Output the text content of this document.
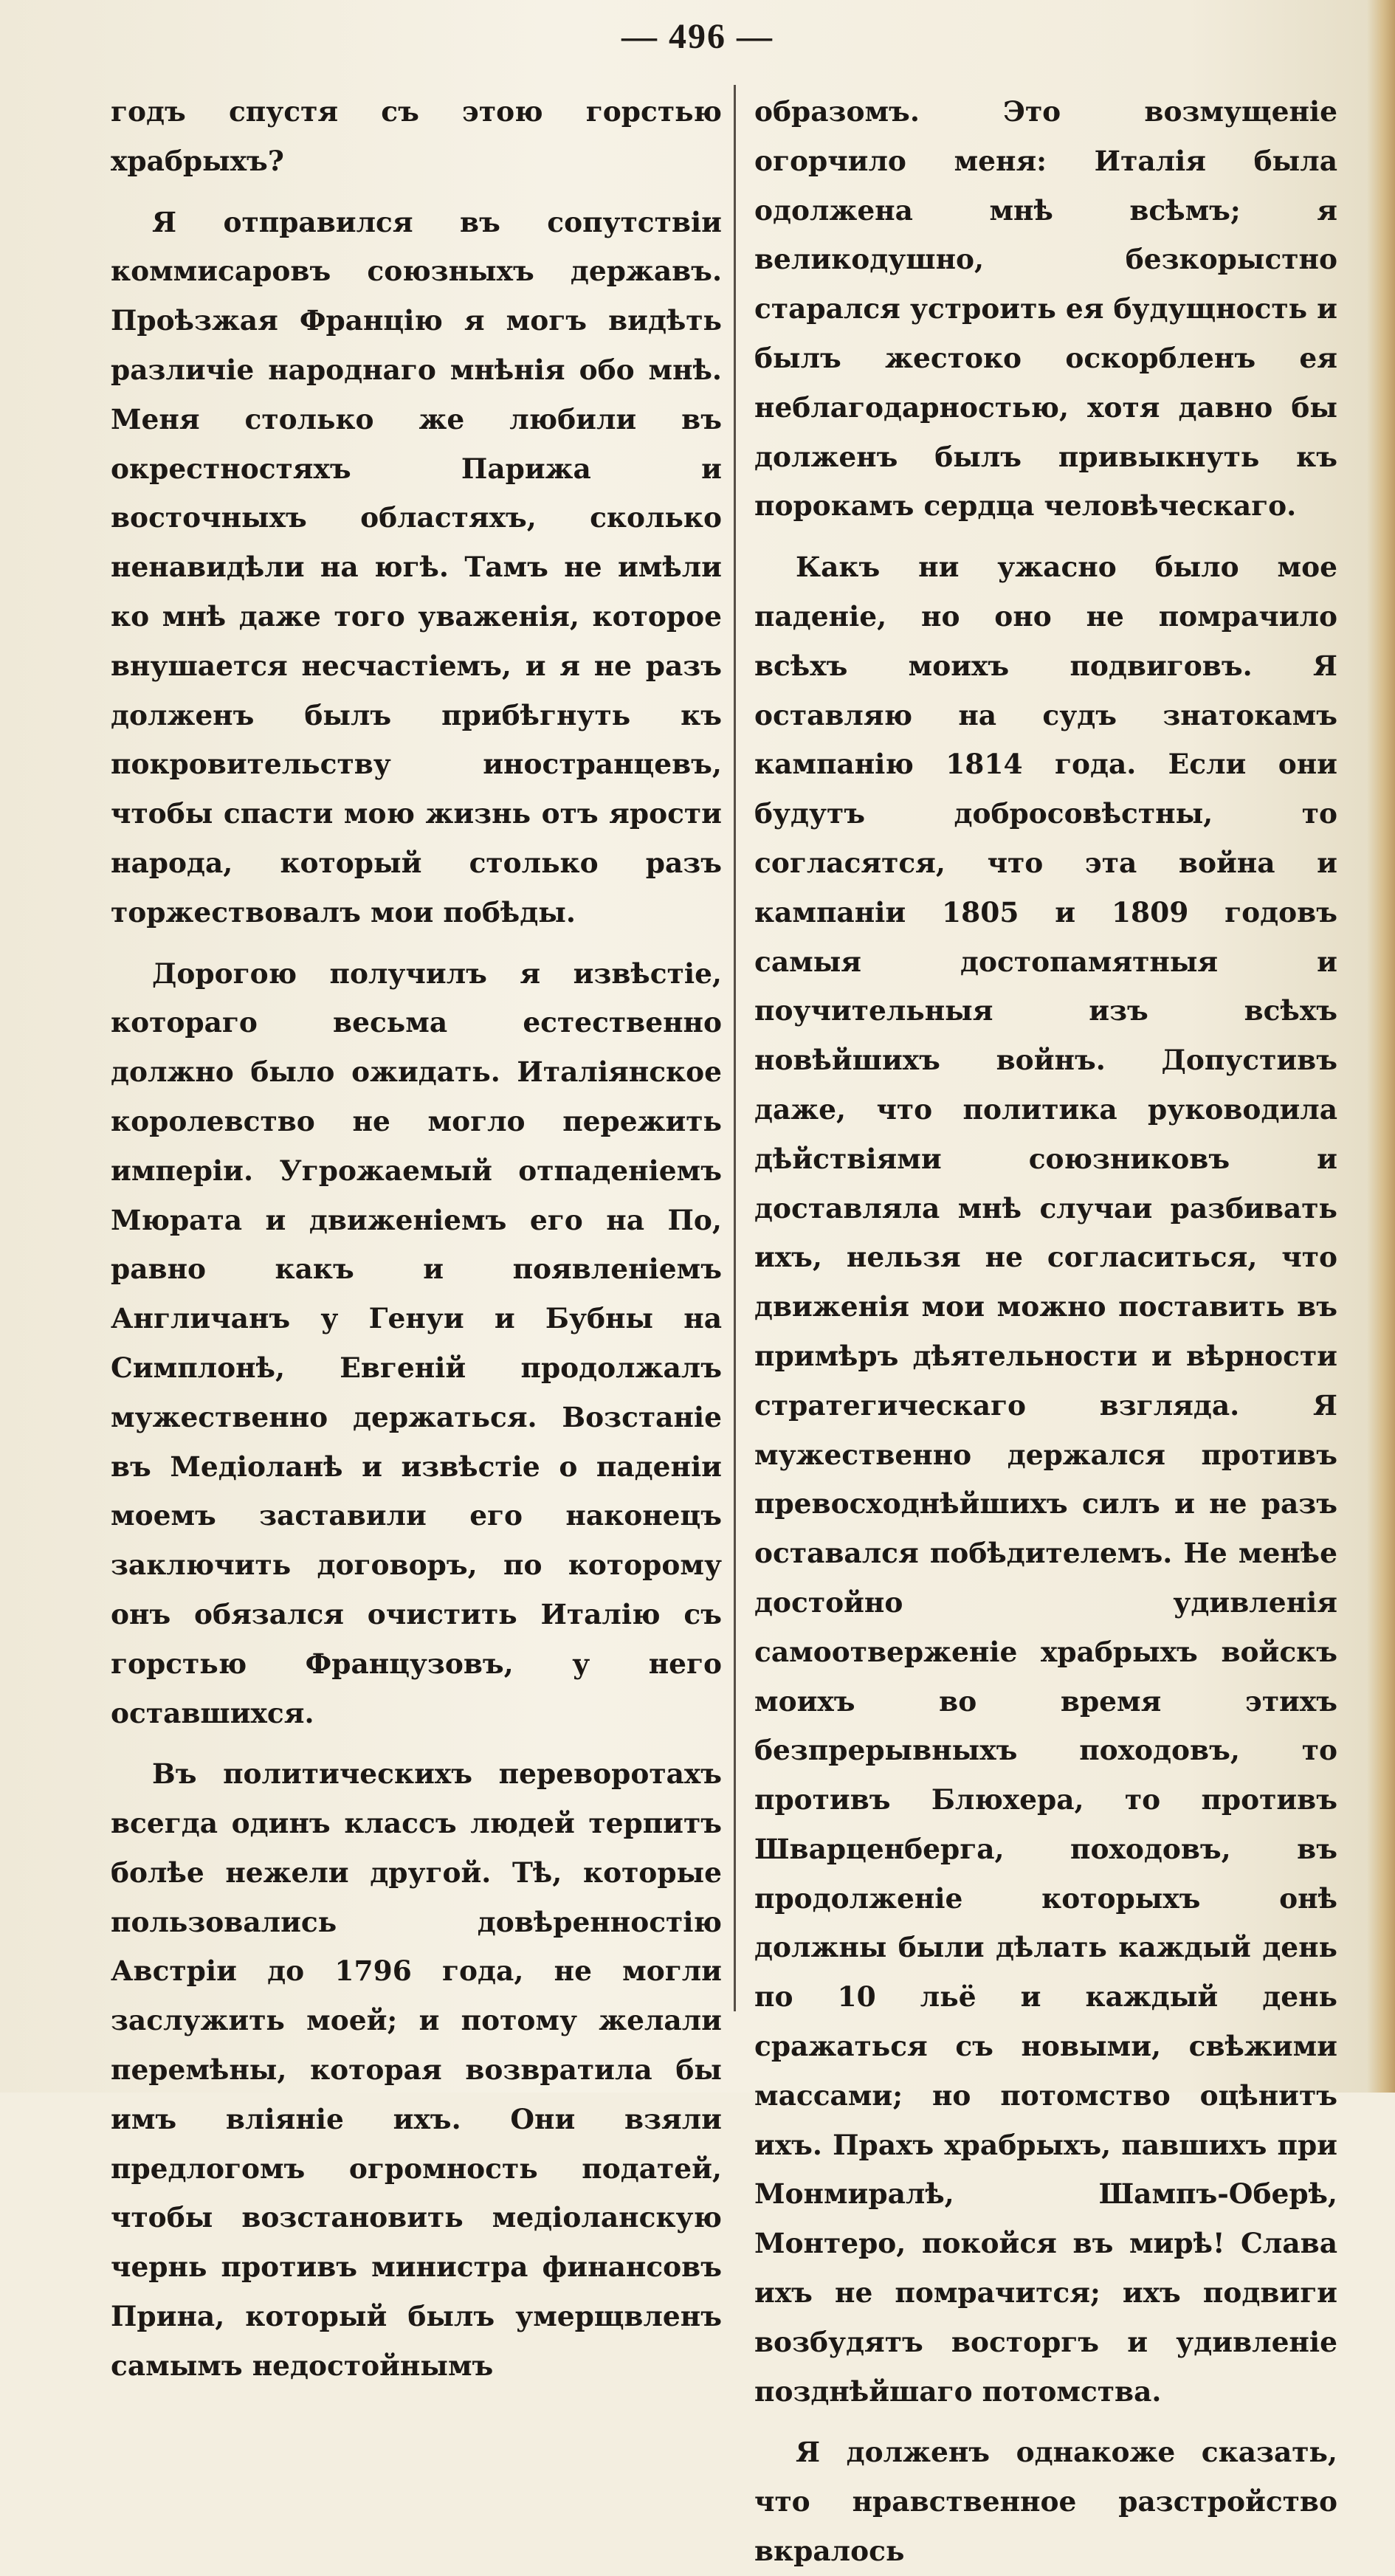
— 496 —

годъ спустя съ этою горстью храбрыхъ?

Я отправился въ сопутствіи коммисаровъ союзныхъ державъ. Проѣзжая Францію я могъ видѣть различіе народнаго мнѣнія обо мнѣ. Меня столько же любили въ окрестностяхъ Парижа и восточныхъ областяхъ, сколько ненавидѣли на югѣ. Тамъ не имѣли ко мнѣ даже того уваженія, которое внушается несчастіемъ, и я не разъ долженъ былъ прибѣгнуть къ покровительству иностранцевъ, чтобы спасти мою жизнь отъ ярости народа, который столько разъ торжествовалъ мои побѣды.

Дорогою получилъ я извѣстіе, котораго весьма естественно должно было ожидать. Италіянское королевство не могло пережить имперіи. Угрожаемый отпаденіемъ Мюрата и движеніемъ его на По, равно какъ и появленіемъ Англичанъ у Генуи и Бубны на Симплонѣ, Евгеній продолжалъ мужественно держаться. Возстаніе въ Медіоланѣ и извѣстіе о паденіи моемъ заставили его наконецъ заключить договоръ, по которому онъ обязался очистить Италію съ горстью Французовъ, у него оставшихся.

Въ политическихъ переворотахъ всегда одинъ классъ людей терпитъ болѣе нежели другой. Тѣ, которые пользовались довѣренностію Австріи до 1796 года, не могли заслужить моей; и потому желали перемѣны, которая возвратила бы имъ вліяніе ихъ. Они взяли предлогомъ огромность податей, чтобы возстановить медіоланскую чернь противъ министра финансовъ Прина, который былъ умерщвленъ самымъ недостойнымъ

образомъ. Это возмущеніе огорчило меня: Италія была одолжена мнѣ всѣмъ; я великодушно, безкорыстно старался устроить ея будущность и былъ жестоко оскорбленъ ея неблагодарностью, хотя давно бы долженъ былъ привыкнуть къ порокамъ сердца человѣческаго.

Какъ ни ужасно было мое паденіе, но оно не помрачило всѣхъ моихъ подвиговъ. Я оставляю на судъ знатокамъ кампанію 1814 года. Если они будутъ добросовѣстны, то согласятся, что эта война и кампаніи 1805 и 1809 годовъ самыя достопамятныя и поучительныя изъ всѣхъ новѣйшихъ войнъ. Допустивъ даже, что политика руководила дѣйствіями союзниковъ и доставляла мнѣ случаи разбивать ихъ, нельзя не согласиться, что движенія мои можно поставить въ примѣръ дѣятельности и вѣрности стратегическаго взгляда. Я мужественно держался противъ превосходнѣйшихъ силъ и не разъ оставался побѣдителемъ. Не менѣе достойно удивленія самоотверженіе храбрыхъ войскъ моихъ во время этихъ безпрерывныхъ походовъ, то противъ Блюхера, то противъ Шварценберга, походовъ, въ продолженіе которыхъ онѣ должны были дѣлать каждый день по 10 льё и каждый день сражаться съ новыми, свѣжими массами; но потомство оцѣнитъ ихъ. Прахъ храбрыхъ, павшихъ при Монмиралѣ, Шампъ-Оберѣ, Монтеро, покойся въ мирѣ! Слава ихъ не помрачится; ихъ подвиги возбудятъ восторгъ и удивленіе позднѣйшаго потомства.

Я долженъ однакоже сказать, что нравственное разстройство вкралось
